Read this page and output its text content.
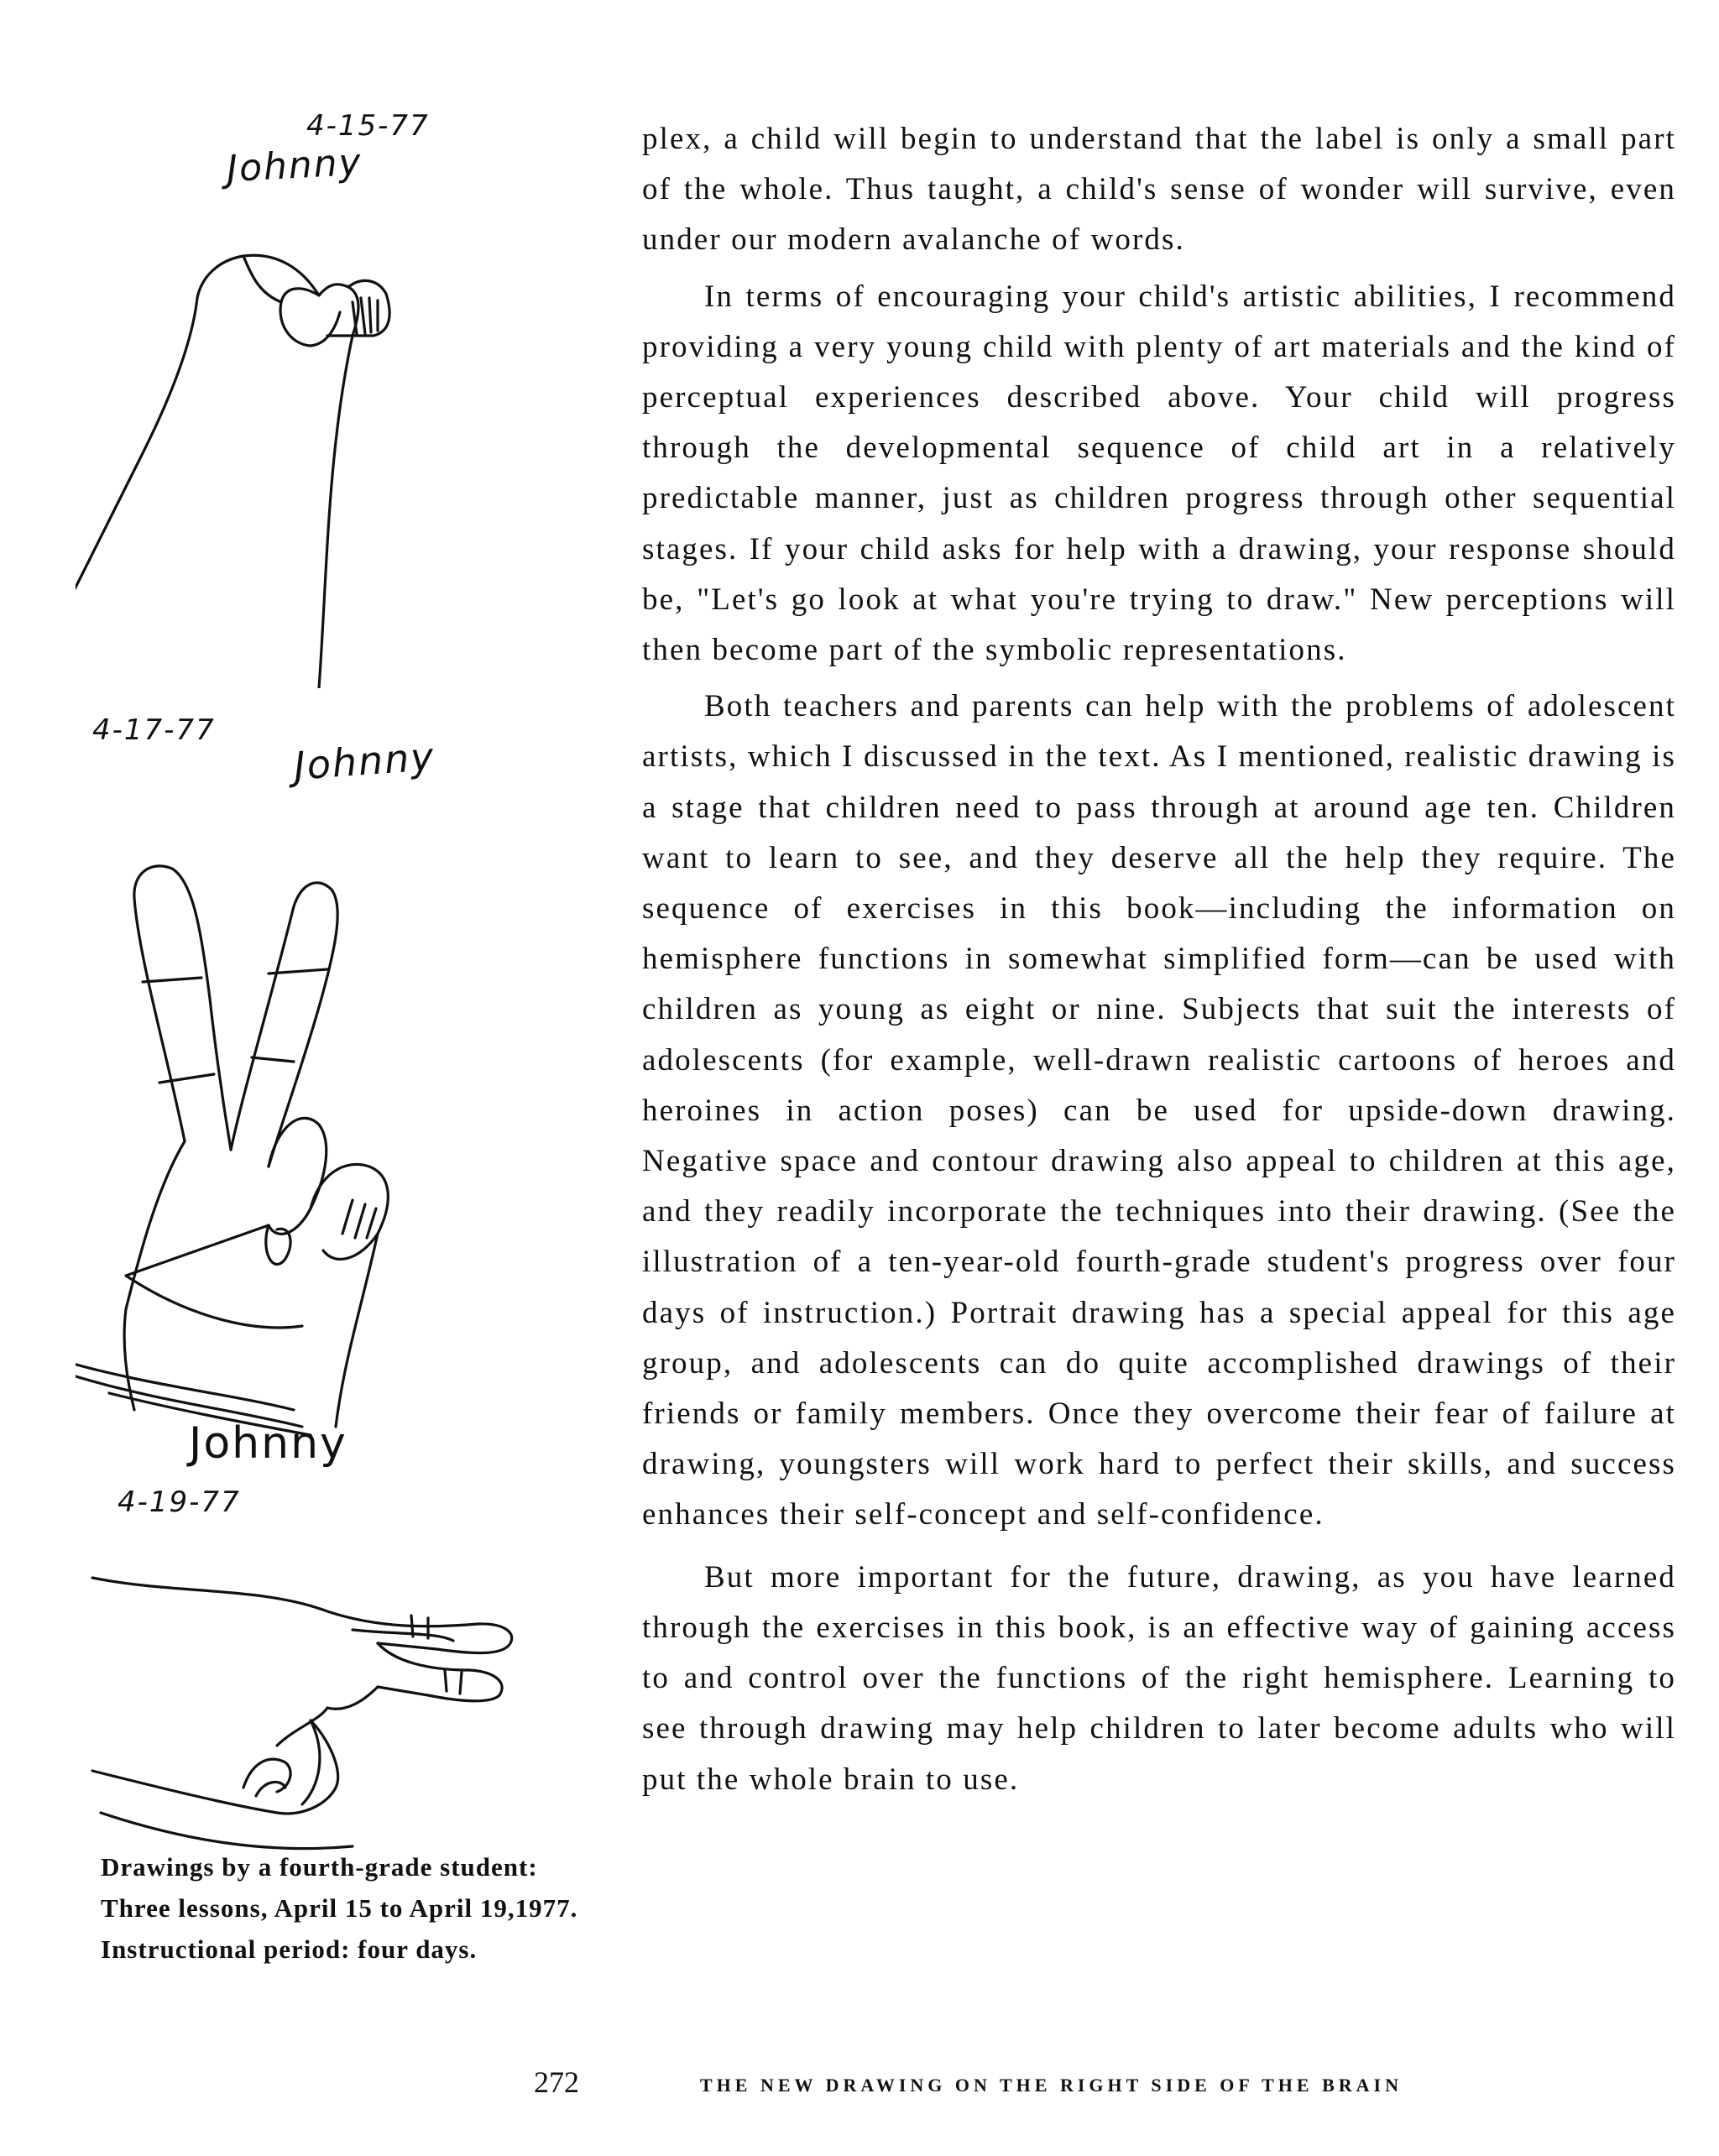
4-15-77
Johnny
4-17-77
Johnny
Johnny
4-19-77

Drawings by a fourth-grade student: Three lessons, April 15 to April 19,1977. Instructional period: four days.

plex, a child will begin to understand that the label is only a small part of the whole. Thus taught, a child's sense of wonder will survive, even under our modern avalanche of words.

In terms of encouraging your child's artistic abilities, I recommend providing a very young child with plenty of art materials and the kind of perceptual experiences described above. Your child will progress through the developmental sequence of child art in a relatively predictable manner, just as children progress through other sequential stages. If your child asks for help with a drawing, your response should be, "Let's go look at what you're trying to draw." New perceptions will then become part of the symbolic representations.

Both teachers and parents can help with the problems of adolescent artists, which I discussed in the text. As I mentioned, realistic drawing is a stage that children need to pass through at around age ten. Children want to learn to see, and they deserve all the help they require. The sequence of exercises in this book—including the information on hemisphere functions in somewhat simplified form—can be used with children as young as eight or nine. Subjects that suit the interests of adolescents (for example, well-drawn realistic cartoons of heroes and heroines in action poses) can be used for upside-down drawing. Negative space and contour drawing also appeal to children at this age, and they readily incorporate the techniques into their drawing. (See the illustration of a ten-year-old fourth-grade student's progress over four days of instruction.) Portrait drawing has a special appeal for this age group, and adolescents can do quite accomplished drawings of their friends or family members. Once they overcome their fear of failure at drawing, youngsters will work hard to perfect their skills, and success enhances their self-concept and self-confidence.

But more important for the future, drawing, as you have learned through the exercises in this book, is an effective way of gaining access to and control over the functions of the right hemisphere. Learning to see through drawing may help children to later become adults who will put the whole brain to use.

272	THE NEW DRAWING ON THE RIGHT SIDE OF THE BRAIN
